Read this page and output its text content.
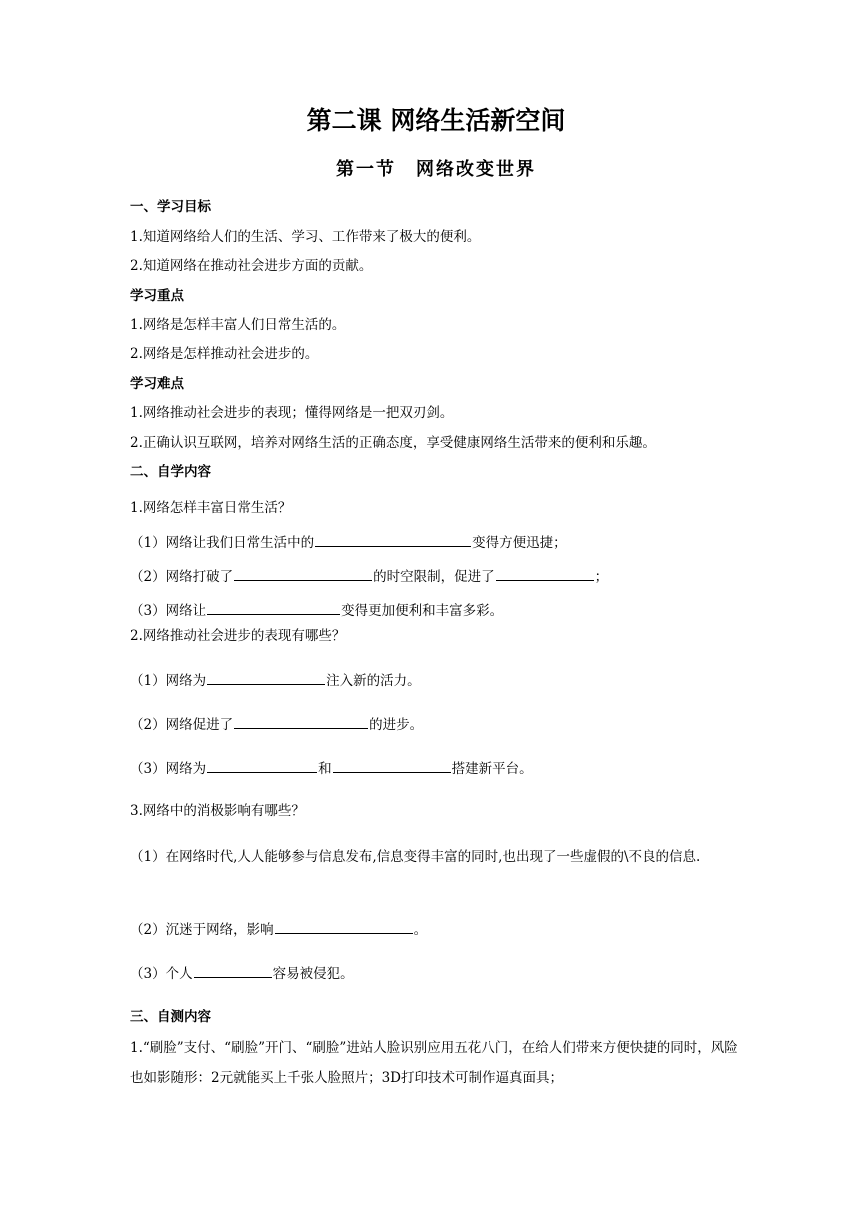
第二课 网络生活新空间
第一节　网络改变世界

一、学习目标

1.知道网络给人们的生活、学习、工作带来了极大的便利。

2.知道网络在推动社会进步方面的贡献。

学习重点

1.网络是怎样丰富人们日常生活的。

2.网络是怎样推动社会进步的。

学习难点

1.网络推动社会进步的表现；懂得网络是一把双刃剑。

2.正确认识互联网，培养对网络生活的正确态度，享受健康网络生活带来的便利和乐趣。

二、自学内容

1.网络怎样丰富日常生活？

（1）网络让我们日常生活中的	变得方便迅捷；

（2）网络打破了	的时空限制，促进了	；

（3）网络让	变得更加便利和丰富多彩。

2.网络推动社会进步的表现有哪些？

（1）网络为	注入新的活力。

（2）网络促进了	的进步。

（3）网络为	和	搭建新平台。

3.网络中的消极影响有哪些？

（1）在网络时代,人人能够参与信息发布,信息变得丰富的同时,也出现了一些虚假的\不良的信息.

（2）沉迷于网络，影响	。

（3）个人	容易被侵犯。

三、自测内容

1.“刷脸”支付、“刷脸”开门、“刷脸”进站人脸识别应用五花八门，在给人们带来方便快捷的同时，风险也如影随形：2元就能买上千张人脸照片；3D打印技术可制作逼真面具；
